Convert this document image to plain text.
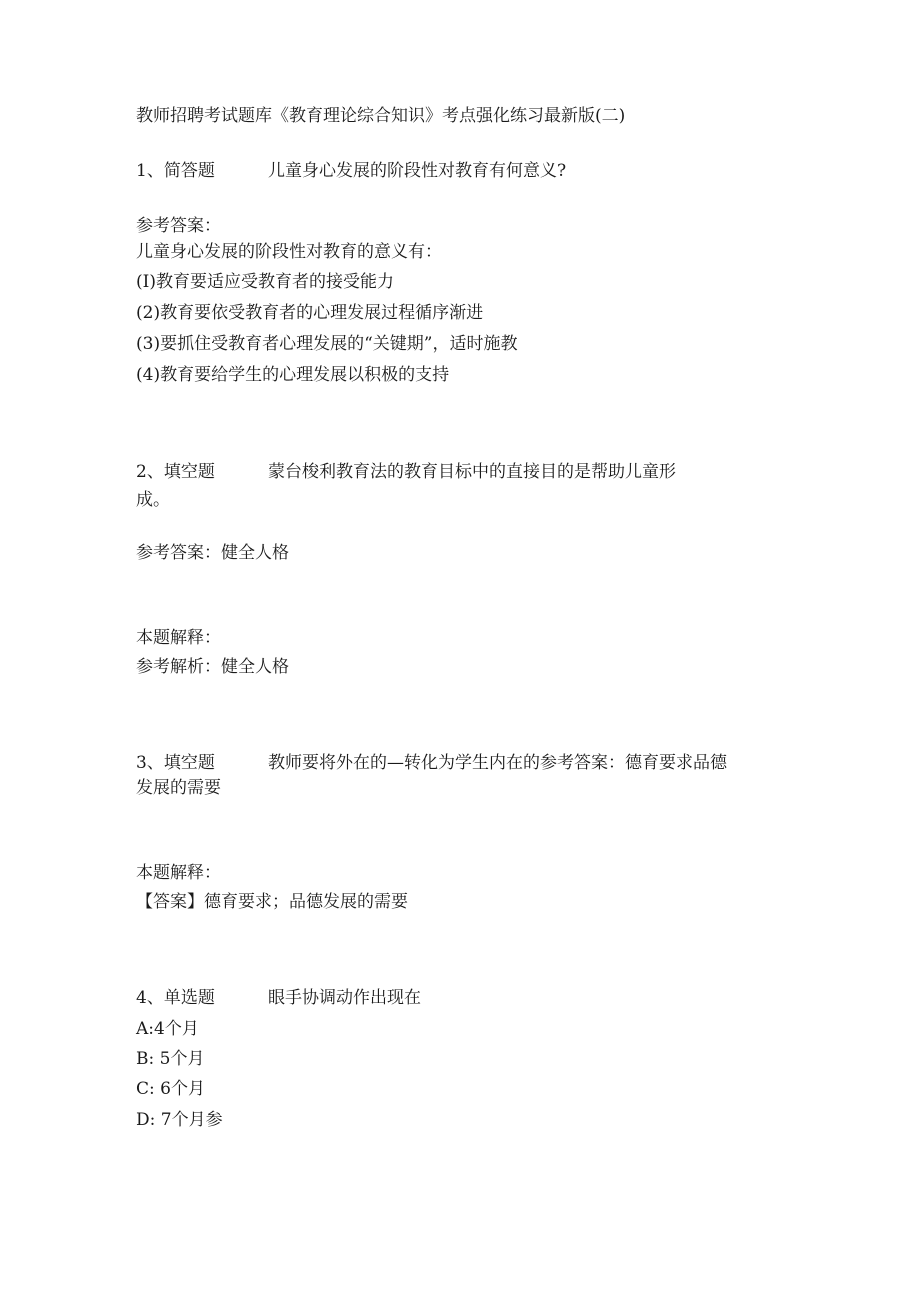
教师招聘考试题库《教育理论综合知识》考点强化练习最新版(二)
1、简答题	儿童身心发展的阶段性对教育有何意义?
参考答案：
儿童身心发展的阶段性对教育的意义有：
(I)教育要适应受教育者的接受能力
(2)教育要依受教育者的心理发展过程循序渐进
(3)要抓住受教育者心理发展的“关键期”，适时施教
(4)教育要给学生的心理发展以积极的支持
2、填空题	蒙台梭利教育法的教育目标中的直接目的是帮助儿童形
成。
参考答案：健全人格
本题解释：
参考解析：健全人格
3、填空题	教师要将外在的—转化为学生内在的参考答案：德育要求品德
发展的需要
本题解释：
【答案】德育要求；品德发展的需要
4、单选题	眼手协调动作出现在
A:4个月
B: 5个月
C: 6个月
D: 7个月参
